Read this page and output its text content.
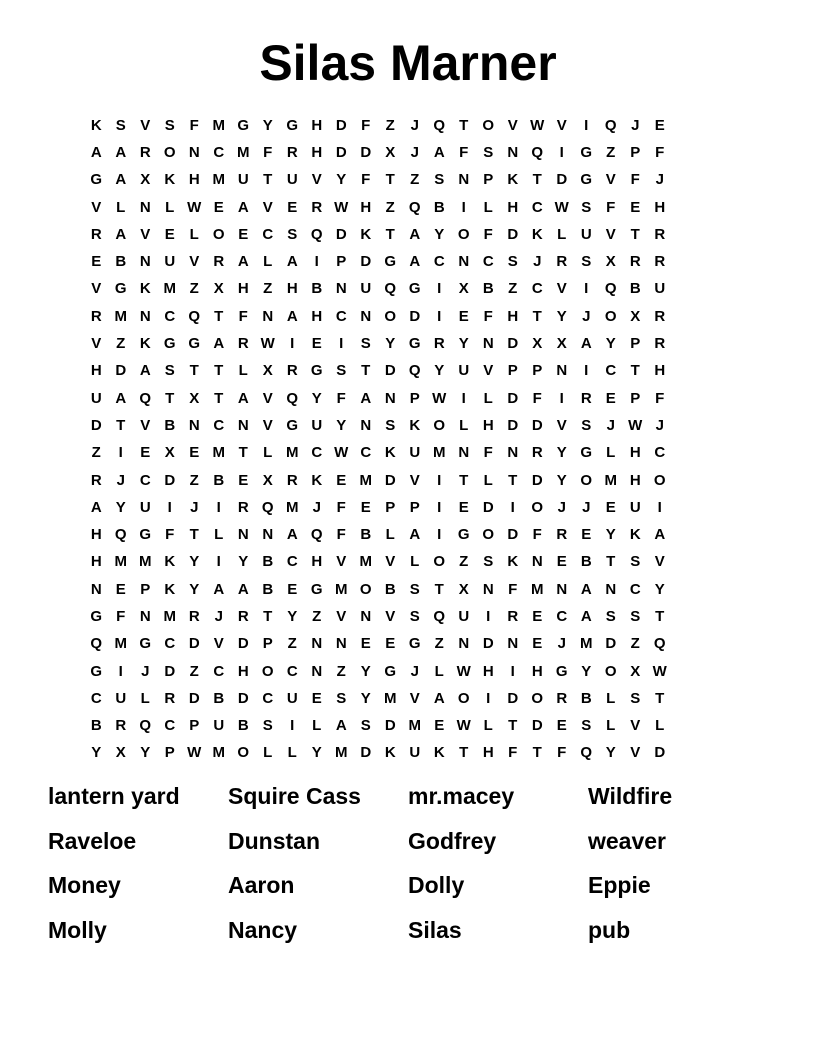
Silas Marner
K S V S F M G Y G H D F	Z	J Q T O V W V	I	Q J	E
A A R O N C M F R H D D X	J A F S N Q	I	G Z P F
G A X K H M U T U V Y F	T	Z S N P K T D G V F	J
V L N L W E A V E R W H Z Q B	I	L H C W S F E H
R A V E L O E C S Q D K T A Y O F D K L U V T R
E B N U V R A L A	I	P D G A C N C S	J R S X R R
V G K M Z X H Z H B N U Q G	I	X B Z C V	I	Q B U
R M N C Q T	F N A H C N O D	I	E F H T Y	J O X R
V Z K G G A R W	I	E	I	S Y G R Y N D X X A Y P R
H D A S T	T	L X R G S T D Q Y U V P P N	I	C T H
U A Q T X T A V Q Y F A N P W	I	L D F	I	R E P F
D T V B N C N V G U Y N S K O L H D D V S	J W J
Z	I	E X E M T	L M C W C K U M N F N R Y G L H C
R J C D Z B E X R K E M D V	I	T	L	T D Y O M H O
A Y U	I	J	I	R Q M J	F E P P	I	E D	I	O J	J	E U	I
H Q G F	T	L N N A Q F B L A	I	G O D F R E Y K A
H M M K Y	I	Y B C H V M V L O Z S K N E B T S V
N E P K Y A A B E G M O B S T X N F M N A N C Y
G F N M R J R T Y Z V N V S Q U	I	R E C A S S T
Q M G C D V D P Z N N E E G Z N D N E	J M D Z Q
G	I	J D Z C H O C N Z Y G J	L W H	I	H G Y O X W
C U L R D B D C U E S Y M V A O	I	D O R B L S T
B R Q C P U B S	I	L A S D M E W L	T D E S L V L
Y X Y P W M O L	L Y M D K U K T H F	T	F Q Y V D
lantern yard	Squire Cass	mr.macey	Wildfire
Raveloe	Dunstan	Godfrey	weaver
Money	Aaron	Dolly	Eppie
Molly	Nancy	Silas	pub
